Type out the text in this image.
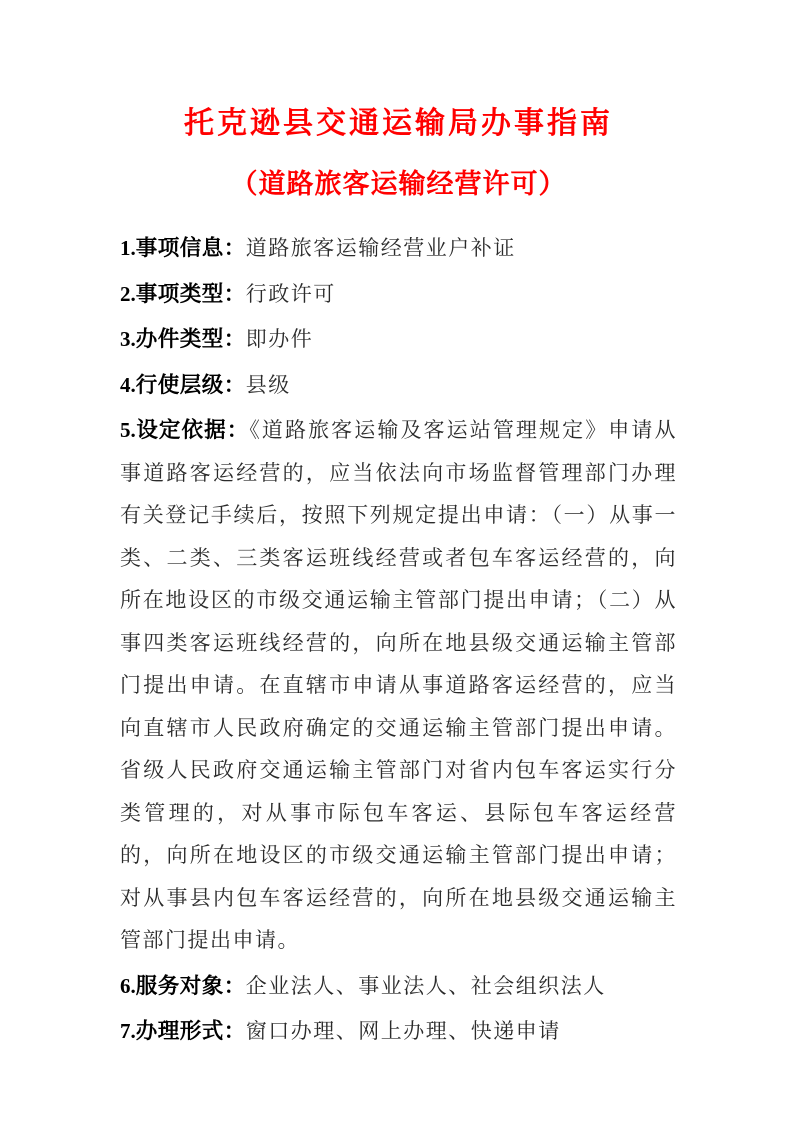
托克逊县交通运输局办事指南
（道路旅客运输经营许可）

1.事项信息：道路旅客运输经营业户补证

2.事项类型：行政许可

3.办件类型：即办件

4.行使层级：县级

5.设定依据：《道路旅客运输及客运站管理规定》申请从事道路客运经营的，应当依法向市场监督管理部门办理有关登记手续后，按照下列规定提出申请：（一）从事一类、二类、三类客运班线经营或者包车客运经营的，向所在地设区的市级交通运输主管部门提出申请；（二）从事四类客运班线经营的，向所在地县级交通运输主管部门提出申请。在直辖市申请从事道路客运经营的，应当向直辖市人民政府确定的交通运输主管部门提出申请。省级人民政府交通运输主管部门对省内包车客运实行分类管理的，对从事市际包车客运、县际包车客运经营的，向所在地设区的市级交通运输主管部门提出申请；对从事县内包车客运经营的，向所在地县级交通运输主管部门提出申请。

6.服务对象：企业法人、事业法人、社会组织法人

7.办理形式：窗口办理、网上办理、快递申请
